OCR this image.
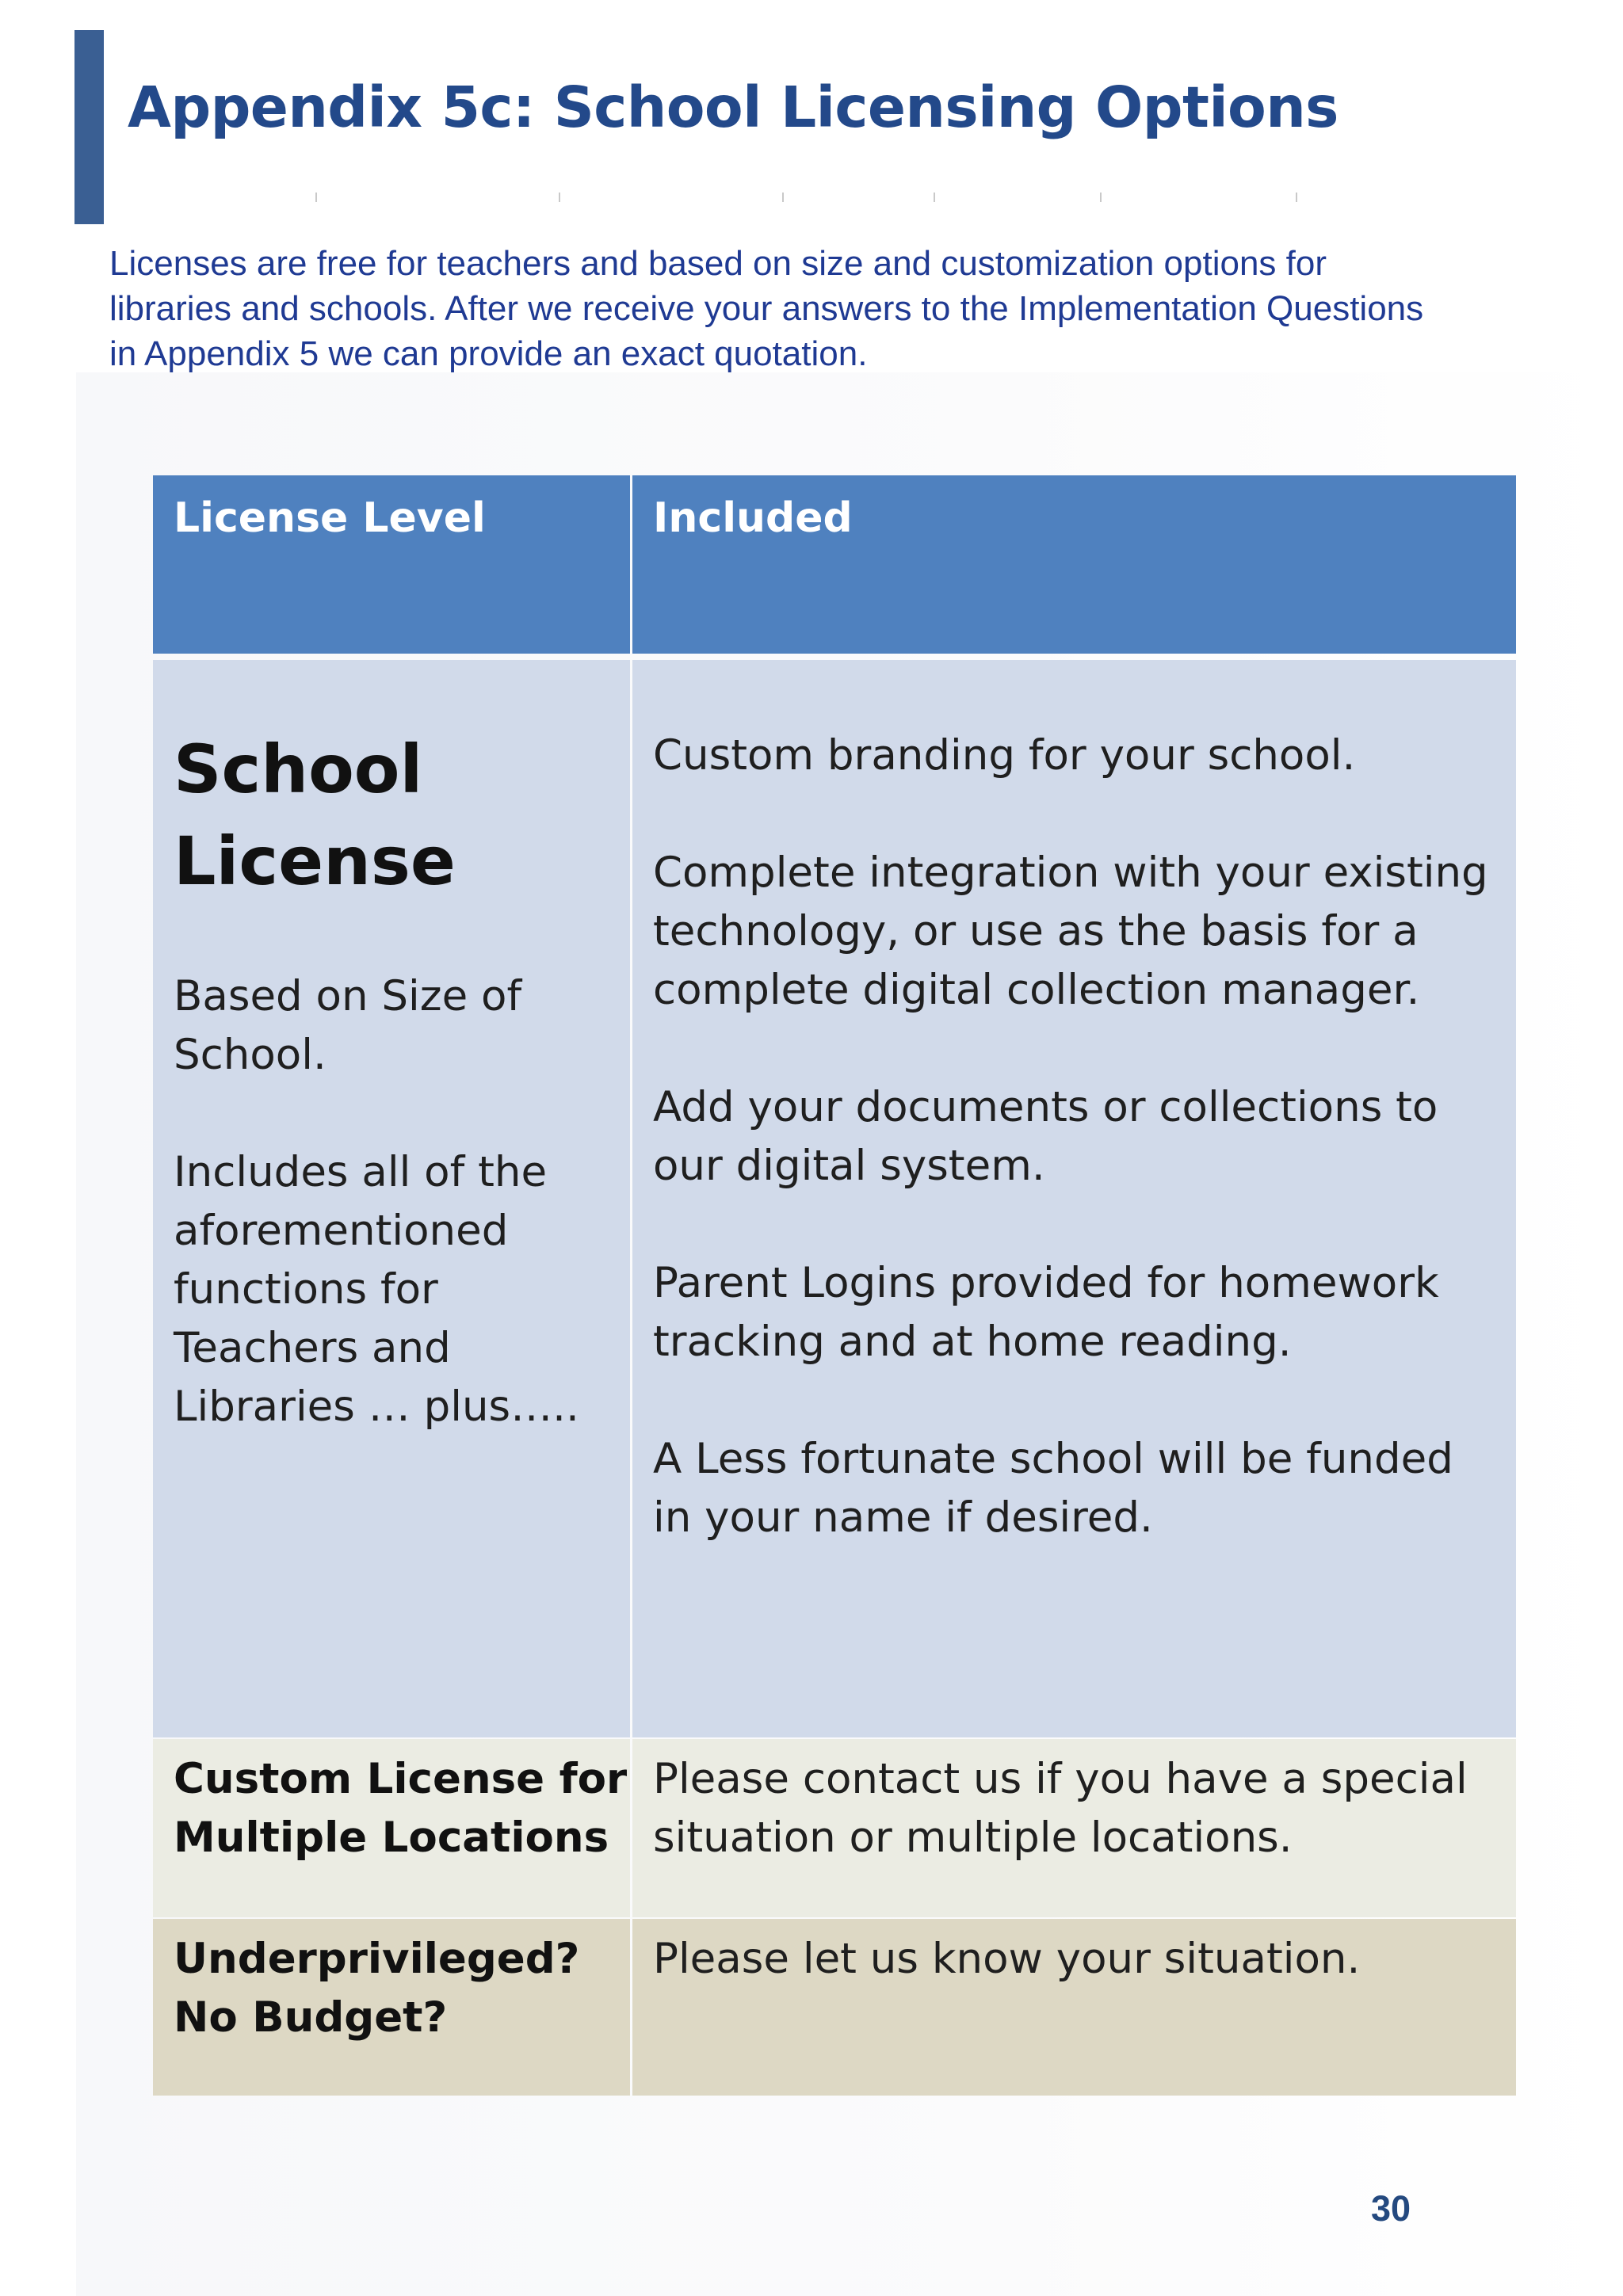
Appendix 5c: School Licensing Options

Licenses are free for teachers and based on size and customization options for
libraries and schools. After we receive your answers to the Implementation Questions
in Appendix 5 we can provide an exact quotation.

License Level	Included
School License
Based on Size of School.
Includes all of the aforementioned functions for Teachers and Libraries … plus…..
Custom branding for your school.
Complete integration with your existing technology, or use as the basis for a complete digital collection manager.
Add your documents or collections to our digital system.
Parent Logins provided for homework tracking and at home reading.
A Less fortunate school will be funded in your name if desired.
Custom License for
Multiple Locations
Please contact us if you have a special situation or multiple locations.
Underprivileged?
No Budget?
Please let us know your situation.
30
